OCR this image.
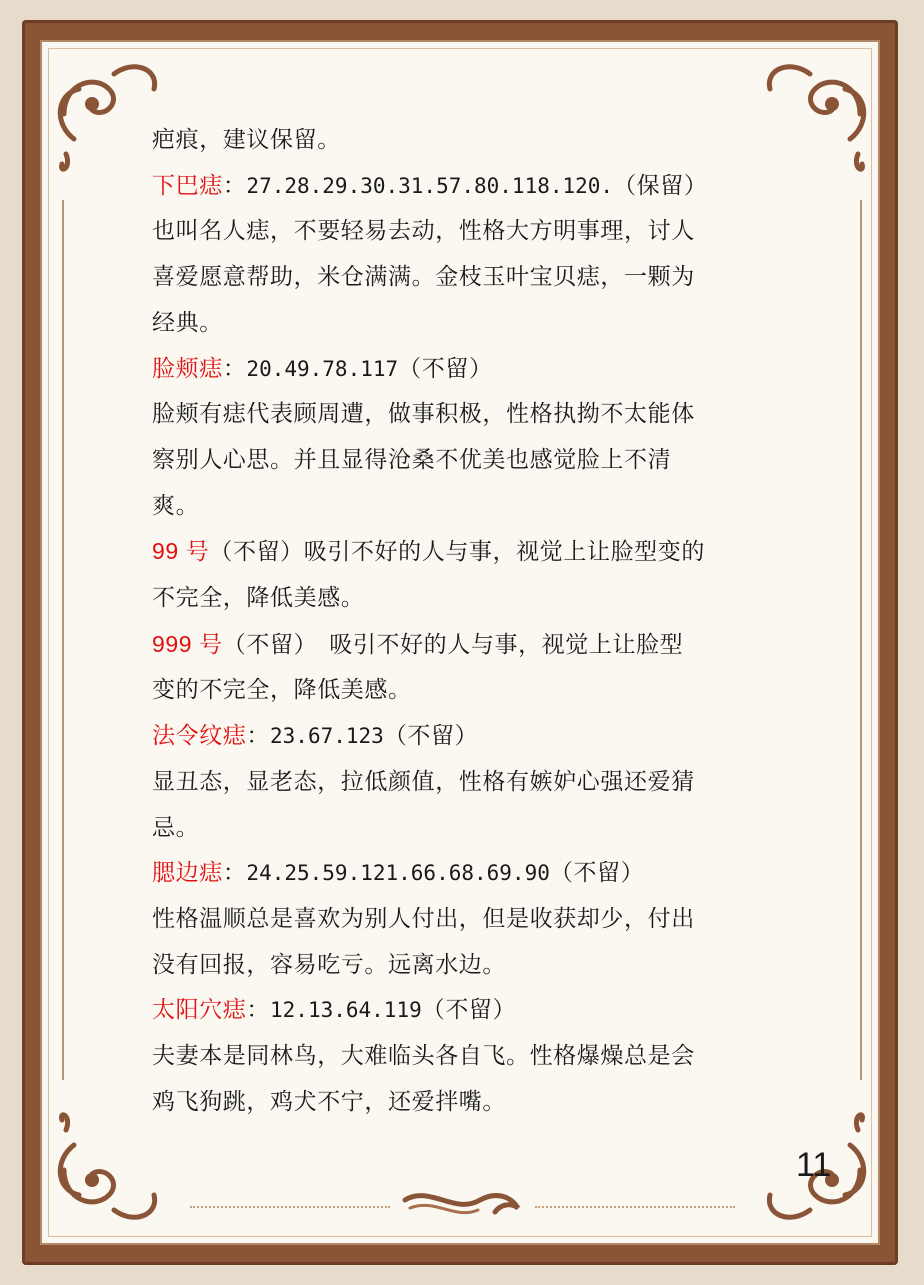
疤痕，建议保留。

下巴痣：27.28.29.30.31.57.80.118.120.（保留）

也叫名人痣，不要轻易去动，性格大方明事理，讨人

喜爱愿意帮助，米仓满满。金枝玉叶宝贝痣，一颗为

经典。

脸颊痣：20.49.78.117（不留）

脸颊有痣代表顾周遭，做事积极，性格执拗不太能体

察别人心思。并且显得沧桑不优美也感觉脸上不清

爽。

99 号（不留）吸引不好的人与事，视觉上让脸型变的

不完全，降低美感。

999 号（不留）　吸引不好的人与事，视觉上让脸型

变的不完全，降低美感。

法令纹痣：23.67.123（不留）

显丑态，显老态，拉低颜值，性格有嫉妒心强还爱猜

忌。

腮边痣：24.25.59.121.66.68.69.90（不留）

性格温顺总是喜欢为别人付出，但是收获却少，付出

没有回报，容易吃亏。远离水边。

太阳穴痣：12.13.64.119（不留）

夫妻本是同林鸟，大难临头各自飞。性格爆燥总是会

鸡飞狗跳，鸡犬不宁，还爱拌嘴。

11
